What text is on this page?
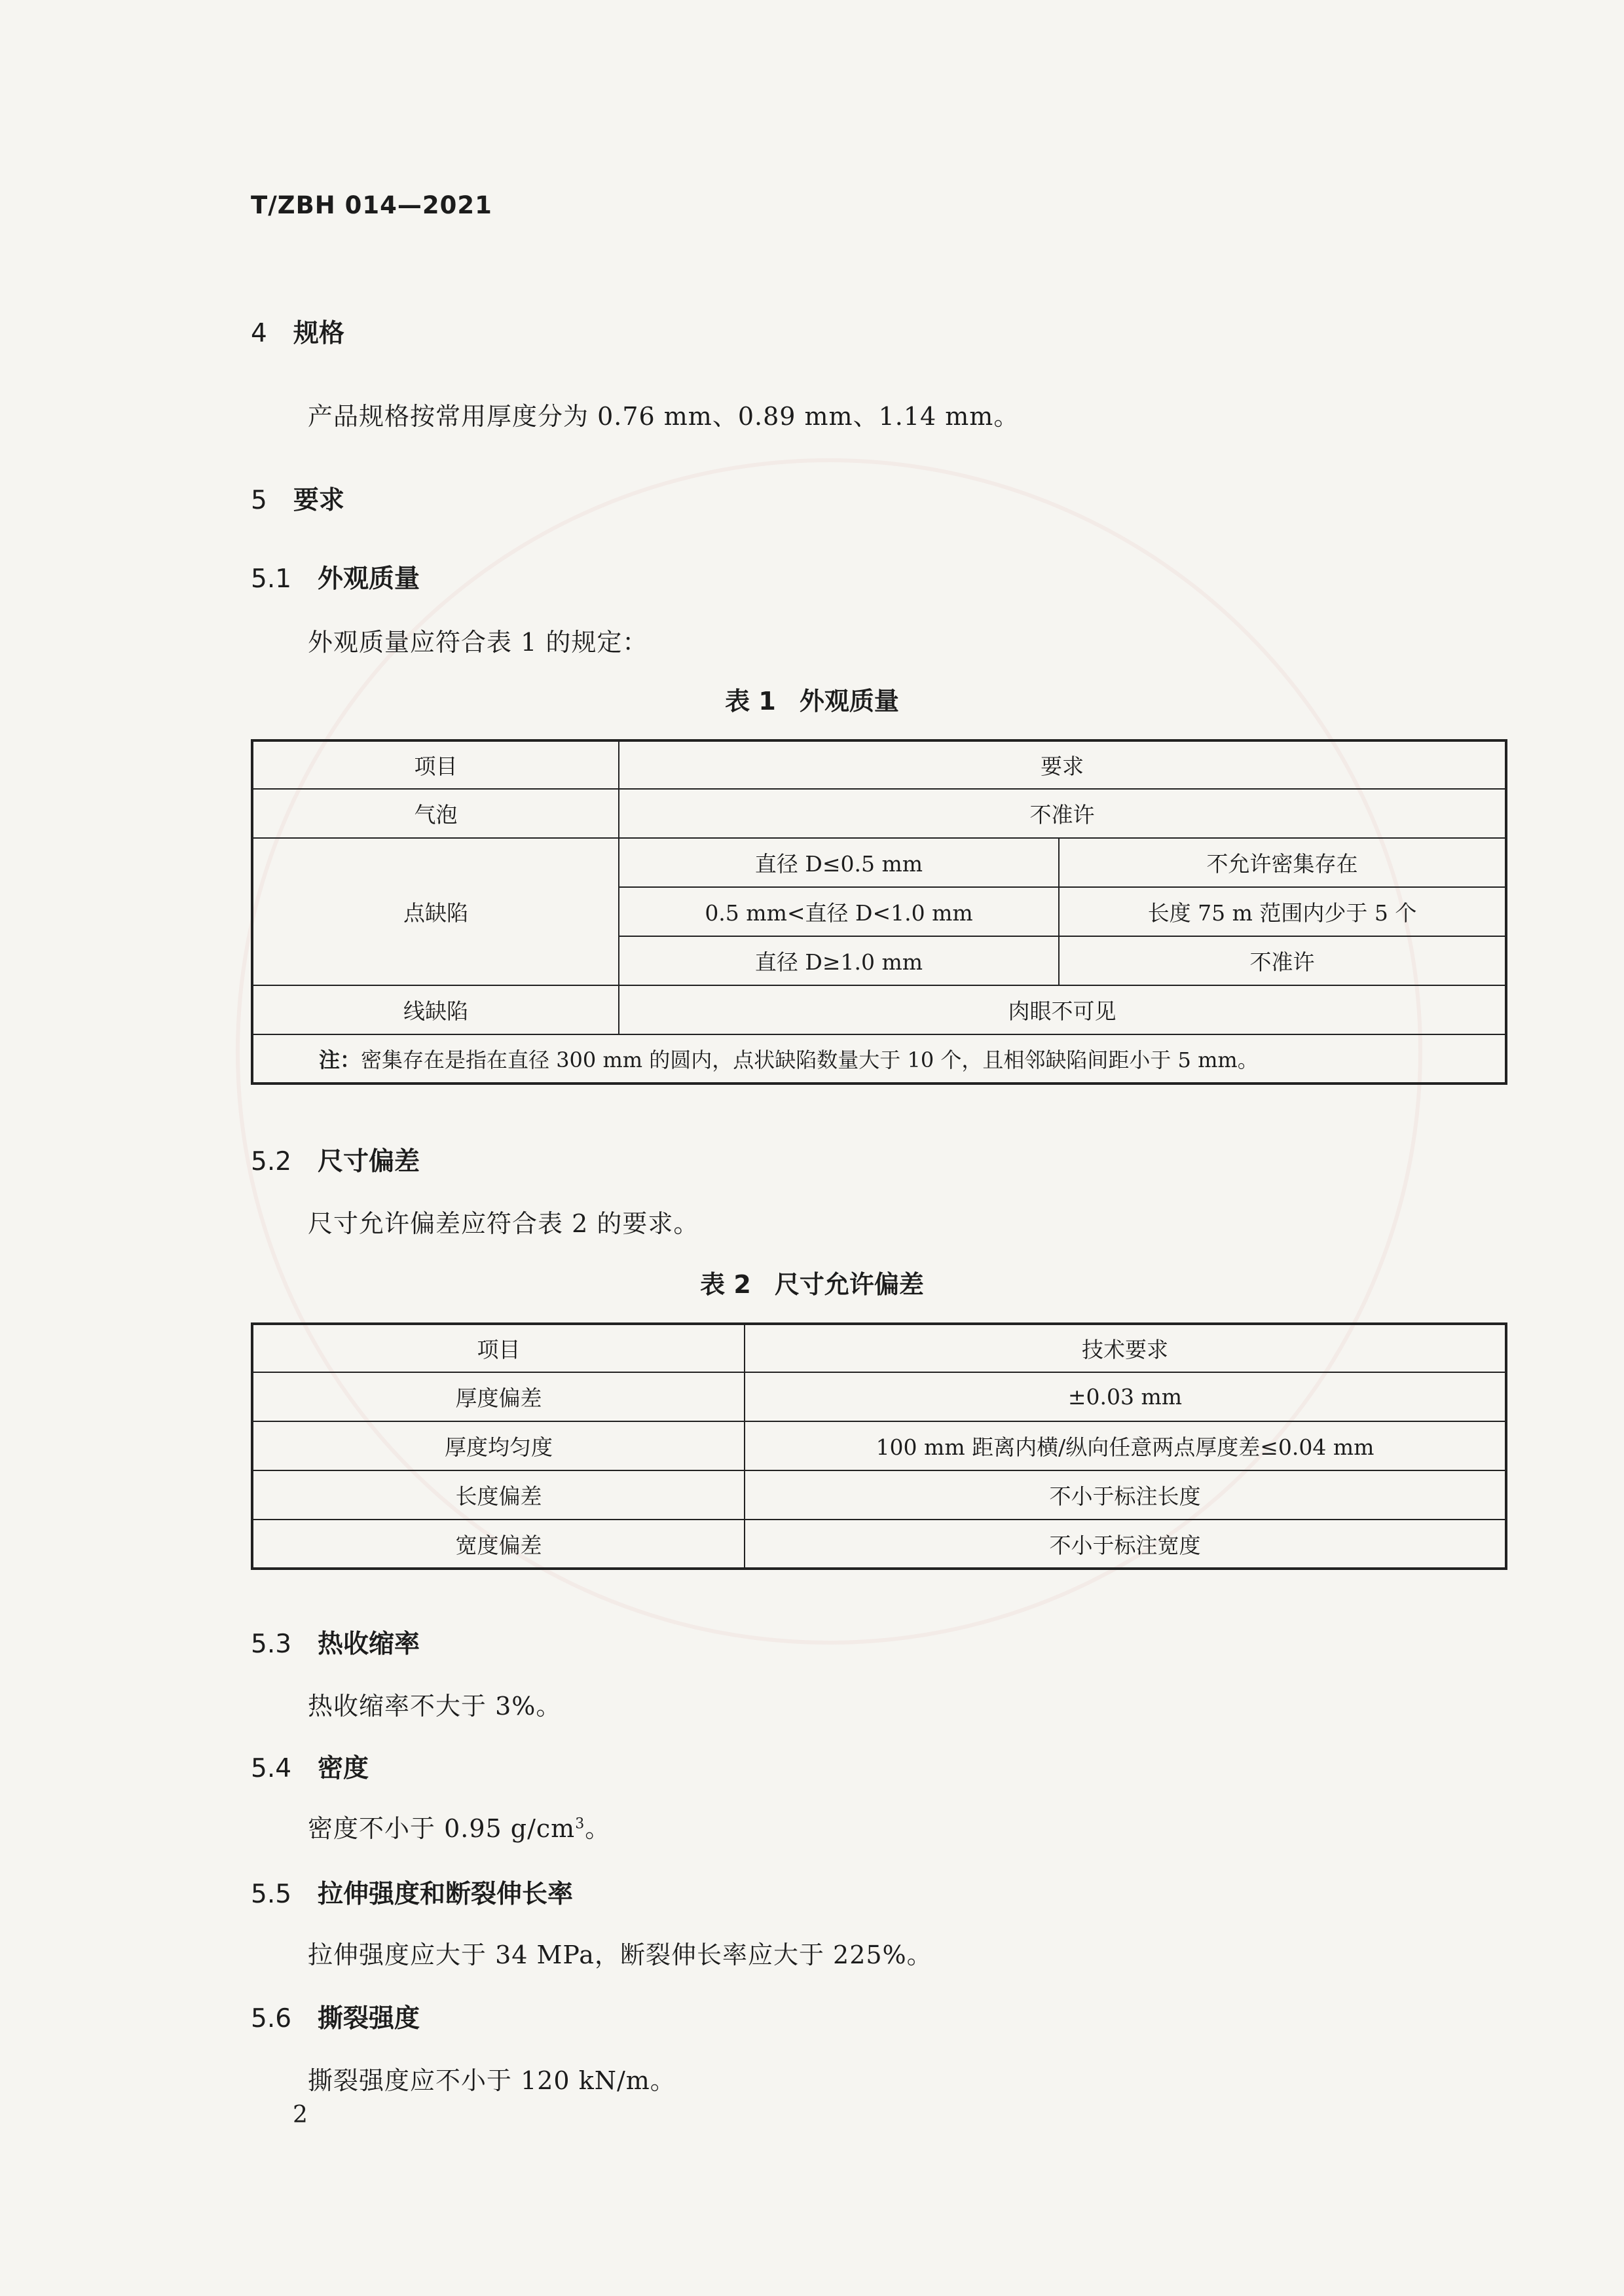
T/ZBH 014—2021
4 规格
产品规格按常用厚度分为 0.76 mm、0.89 mm、1.14 mm。
5 要求
5.1 外观质量
外观质量应符合表 1 的规定：
表 1 外观质量
项目	要求	
气泡	不准许	
点缺陷	直径 D≤0.5 mm	不允许密集存在
	0.5 mm<直径 D<1.0 mm	长度 75 m 范围内少于 5 个
	直径 D≥1.0 mm	不准许
线缺陷	肉眼不可见	
注：密集存在是指在直径 300 mm 的圆内，点状缺陷数量大于 10 个，且相邻缺陷间距小于 5 mm。		
5.2 尺寸偏差
尺寸允许偏差应符合表 2 的要求。
表 2 尺寸允许偏差
项目	技术要求
厚度偏差	±0.03 mm
厚度均匀度	100 mm 距离内横/纵向任意两点厚度差≤0.04 mm
长度偏差	不小于标注长度
宽度偏差	不小于标注宽度
5.3 热收缩率
热收缩率不大于 3%。
5.4 密度
密度不小于 0.95 $g/cm^3$。
5.5 拉伸强度和断裂伸长率
拉伸强度应大于 34 MPa，断裂伸长率应大于 225%。
5.6 撕裂强度
撕裂强度应不小于 120 kN/m。
2
